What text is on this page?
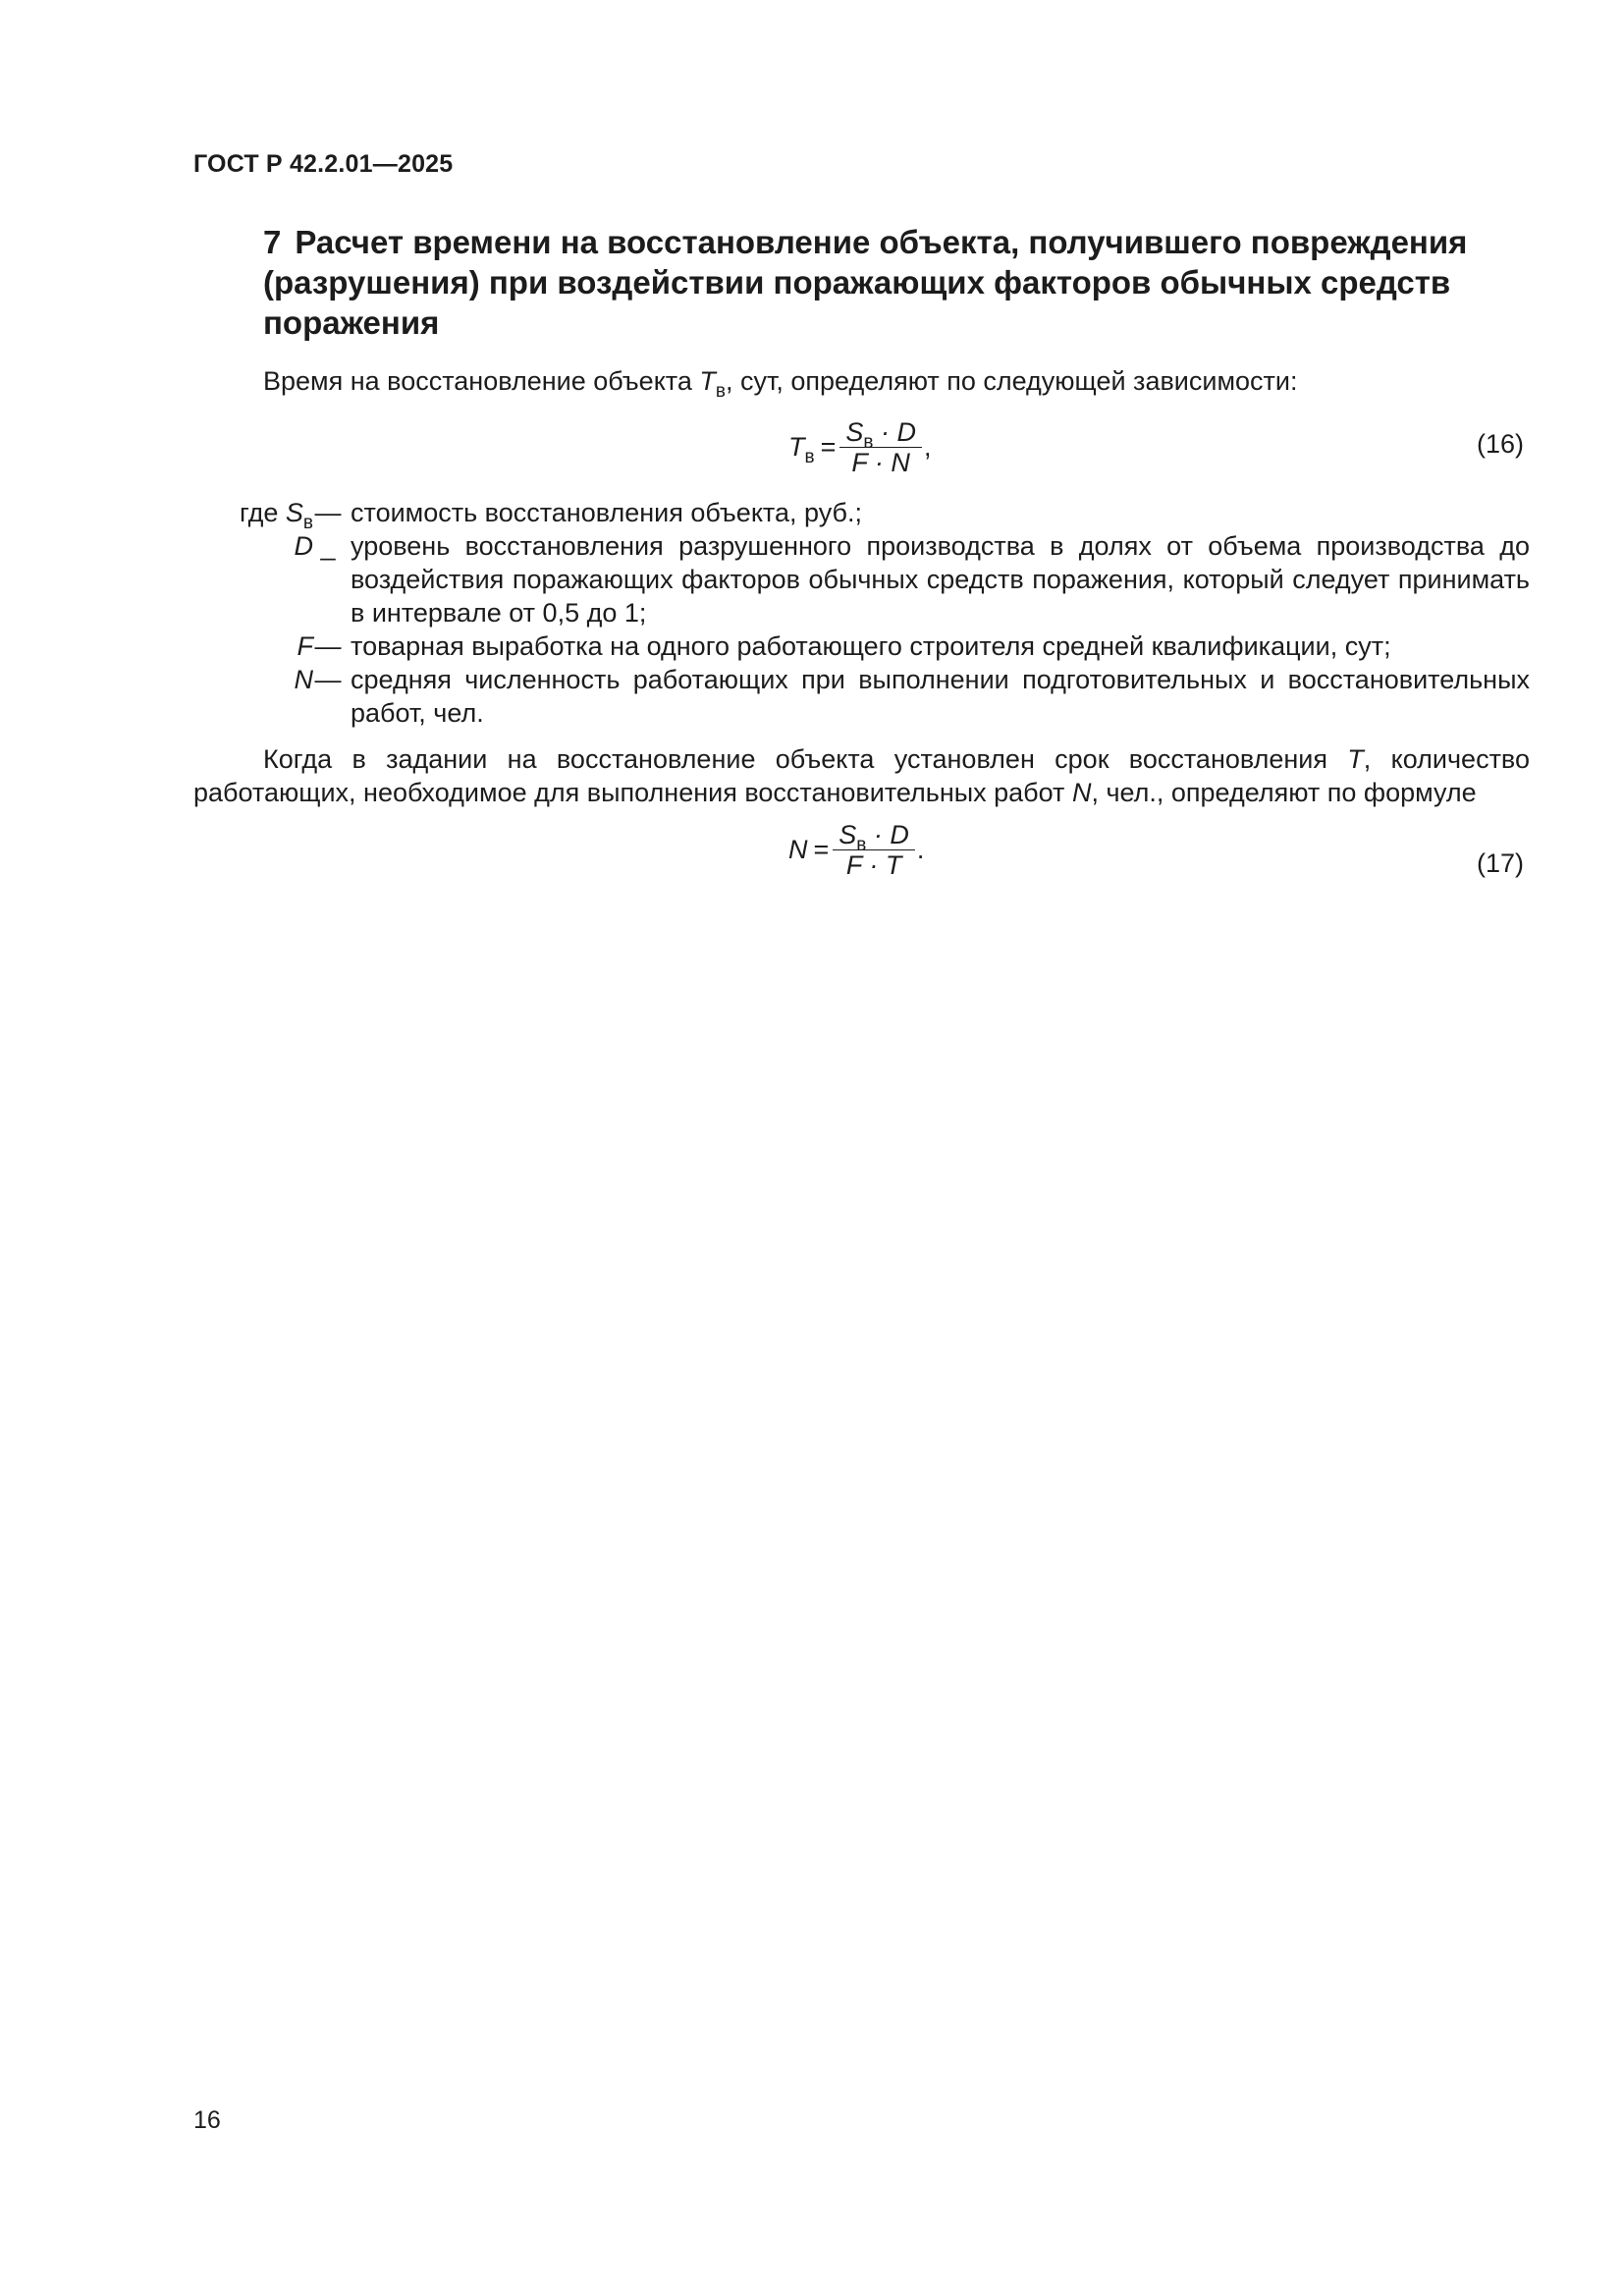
ГОСТ Р 42.2.01—2025
7 Расчет времени на восстановление объекта, получившего повреждения (разрушения) при воздействии поражающих факторов обычных средств поражения
Время на восстановление объекта $T_в$, сут, определяют по следующей зависимости:
$T_в = \frac{S_в \cdot D}{F \cdot N}$ ,	(16)
где $S_в$ — стоимость восстановления объекта, руб.;
D _ уровень восстановления разрушенного производства в долях от объема производства до воздействия поражающих факторов обычных средств поражения, который следует принимать в интервале от 0,5 до 1;
F — товарная выработка на одного работающего строителя средней квалификации, сут;
N — средняя численность работающих при выполнении подготовительных и восстановительных работ, чел.
Когда в задании на восстановление объекта установлен срок восстановления T, количество работающих, необходимое для выполнения восстановительных работ N, чел., определяют по формуле
$N = \frac{S_в \cdot D}{F \cdot T}$ .	(17)
16
